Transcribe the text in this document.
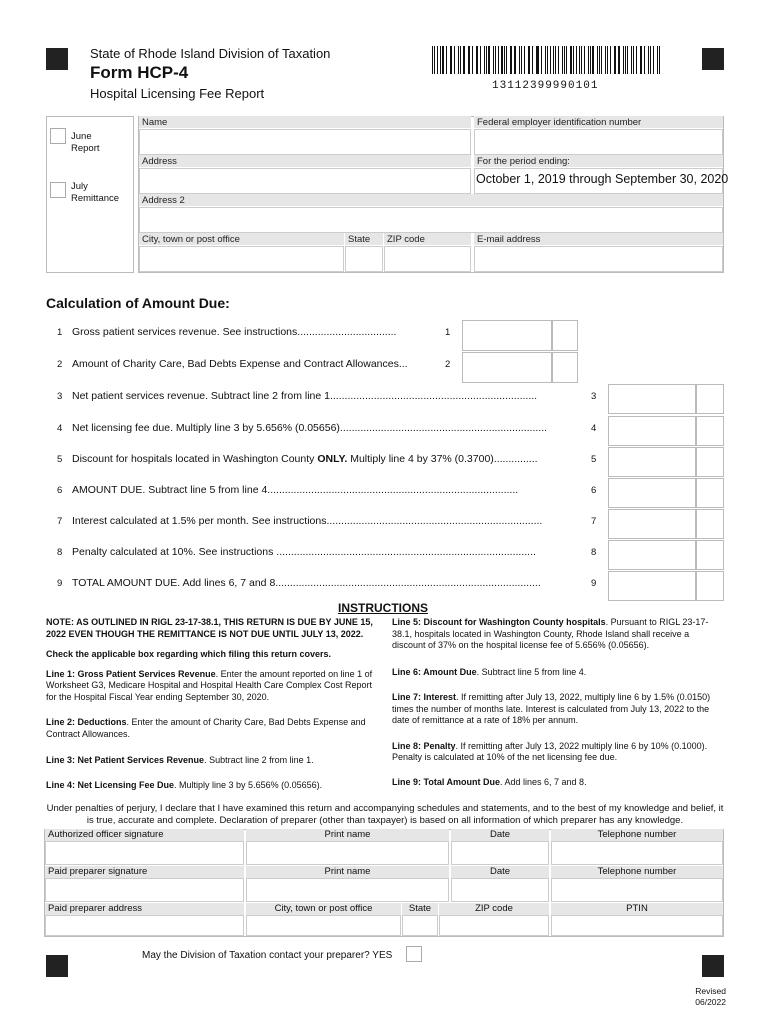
State of Rhode Island Division of Taxation
Form HCP-4
Hospital Licensing Fee Report	13112399990101
June
Report
July
Remittance
Name	Federal employer identification number
Address	For the period ending:
October 1, 2019 through September 30, 2020
Address 2
City, town or post office	State	ZIP code	E-mail address
Calculation of Amount Due:
1 Gross patient services revenue. See instructions..................................	1
2 Amount of Charity Care, Bad Debts Expense and Contract Allowances...	2
3 Net patient services revenue. Subtract line 2 from line 1.......................................................................	3
4 Net licensing fee due. Multiply line 3 by 5.656% (0.05656).......................................................................	4
5 Discount for hospitals located in Washington County ONLY. Multiply line 4 by 37% (0.3700)...............	5
6 AMOUNT DUE. Subtract line 5 from line 4......................................................................................	6
7 Interest calculated at 1.5% per month. See instructions..........................................................................	7
8 Penalty calculated at 10%. See instructions .........................................................................................	8
9 TOTAL AMOUNT DUE. Add lines 6, 7 and 8...........................................................................................	9
INSTRUCTIONS
NOTE: AS OUTLINED IN RIGL 23-17-38.1, THIS RETURN IS DUE BY JUNE 15, 2022 EVEN THOUGH THE REMITTANCE IS NOT DUE UNTIL JULY 13, 2022.
Check the applicable box regarding which filing this return covers.
Line 1: Gross Patient Services Revenue. Enter the amount reported on line 1 of Worksheet G3, Medicare Hospital and Hospital Health Care Complex Cost Report for the Hospital Fiscal Year ending September 30, 2020.
Line 2: Deductions. Enter the amount of Charity Care, Bad Debts Expense and Contract Allowances.
Line 3: Net Patient Services Revenue. Subtract line 2 from line 1.
Line 4: Net Licensing Fee Due. Multiply line 3 by 5.656% (0.05656).
Line 5: Discount for Washington County hospitals. Pursuant to RIGL 23-17-38.1, hospitals located in Washington County, Rhode Island shall receive a discount of 37% on the hospital license fee of 5.656% (0.05656).
Line 6: Amount Due. Subtract line 5 from line 4.
Line 7: Interest. If remitting after July 13, 2022, multiply line 6 by 1.5% (0.0150) times the number of months late. Interest is calculated from July 13, 2022 to the date of remittance at a rate of 18% per annum.
Line 8: Penalty. If remitting after July 13, 2022 multiply line 6 by 10% (0.1000). Penalty is calculated at 10% of the net licensing fee due.
Line 9: Total Amount Due. Add lines 6, 7 and 8.
Under penalties of perjury, I declare that I have examined this return and accompanying schedules and statements, and to the best of my knowledge and belief, it is true, accurate and complete. Declaration of preparer (other than taxpayer) is based on all information of which preparer has any knowledge.
Authorized officer signature	Print name	Date	Telephone number
Paid preparer signature	Print name	Date	Telephone number
Paid preparer address	City, town or post office	State	ZIP code	PTIN
May the Division of Taxation contact your preparer? YES
Revised
06/2022
